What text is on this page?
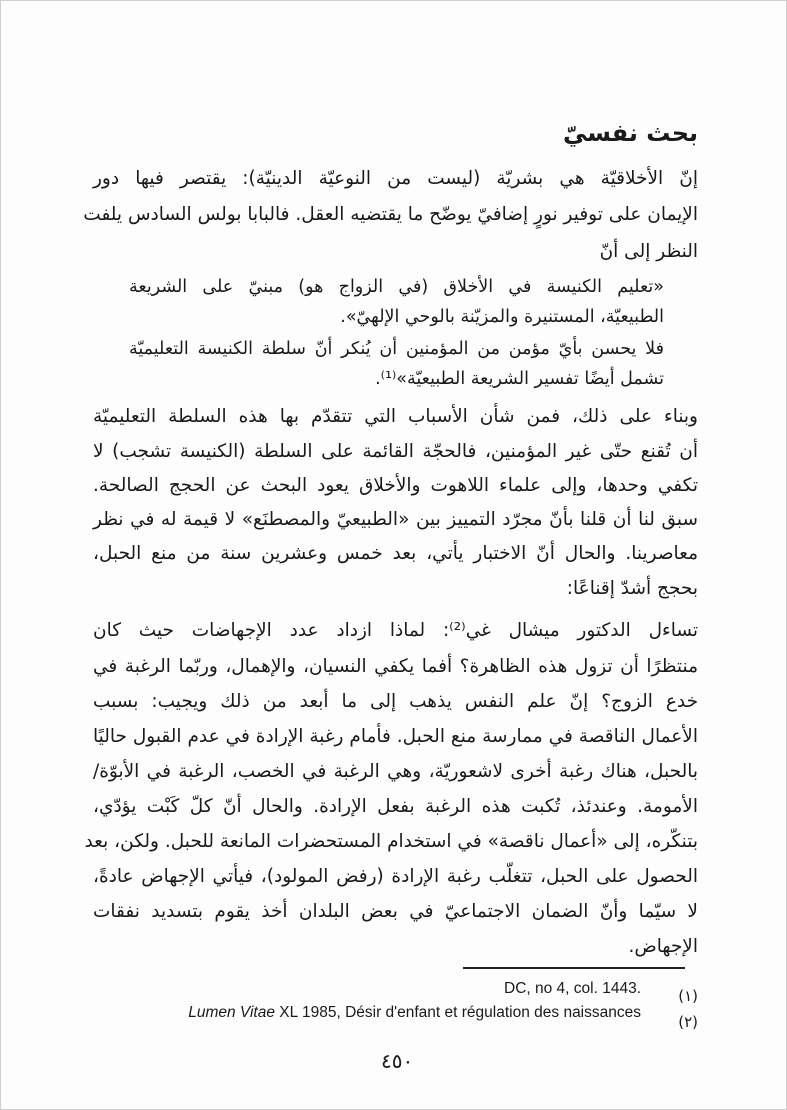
بحث نفسيّ
إنّ الأخلاقيّة هي بشريّة (ليست من النوعيّة الدينيّة): يقتصر فيها دور
الإيمان على توفير نورٍ إضافيّ يوضّح ما يقتضيه العقل. فالبابا بولس السادس يلفت
النظر إلى أنّ
«تعليم الكنيسة في الأخلاق (في الزواج هو) مبنيّ على الشريعة
الطبيعيّة، المستنيرة والمزيّنة بالوحي الإلهيّ».
فلا يحسن بأيّ مؤمن من المؤمنين أن يُنكر أنّ سلطة الكنيسة التعليميّة
تشمل أيضًا تفسير الشريعة الطبيعيّة»⁽¹⁾.
وبناء على ذلك، فمن شأن الأسباب التي تتقدّم بها هذه السلطة التعليميّة
أن تُقنع حتّى غير المؤمنين، فالحجّة القائمة على السلطة (الكنيسة تشجب) لا
تكفي وحدها، وإلى علماء اللاهوت والأخلاق يعود البحث عن الحجج الصالحة.
سبق لنا أن قلنا بأنّ مجرّد التمييز بين «الطبيعيّ والمصطنَع» لا قيمة له في نظر
معاصرينا. والحال أنّ الاختبار يأتي، بعد خمس وعشرين سنة من منع الحبل،
بحجج أشدّ إقناعًا:
تساءل الدكتور ميشال غي⁽²⁾: لماذا ازداد عدد الإجهاضات حيث كان
منتظرًا أن تزول هذه الظاهرة؟ أفما يكفي النسيان، والإهمال، وربّما الرغبة في
خدع الزوج؟ إنّ علم النفس يذهب إلى ما أبعد من ذلك ويجيب: بسبب
الأعمال الناقصة في ممارسة منع الحبل. فأمام رغبة الإرادة في عدم القبول حاليًا
بالحبل، هناك رغبة أخرى لاشعوريّة، وهي الرغبة في الخصب، الرغبة في الأبوّة/
الأمومة. وعندئذ، تُكبت هذه الرغبة بفعل الإرادة. والحال أنّ كلّ كَبْت يؤدّي،
بتنكّره، إلى «أعمال ناقصة» في استخدام المستحضرات المانعة للحبل. ولكن، بعد
الحصول على الحبل، تتغلّب رغبة الإرادة (رفض المولود)، فيأتي الإجهاض عادةً،
لا سيّما وأنّ الضمان الاجتماعيّ في بعض البلدان أخذ يقوم بتسديد نفقات
الإجهاض.
(١)
DC, no 4, col. 1443.
(٢)
Lumen Vitae XL 1985, Désir d'enfant et régulation des naissances
٤٥٠
